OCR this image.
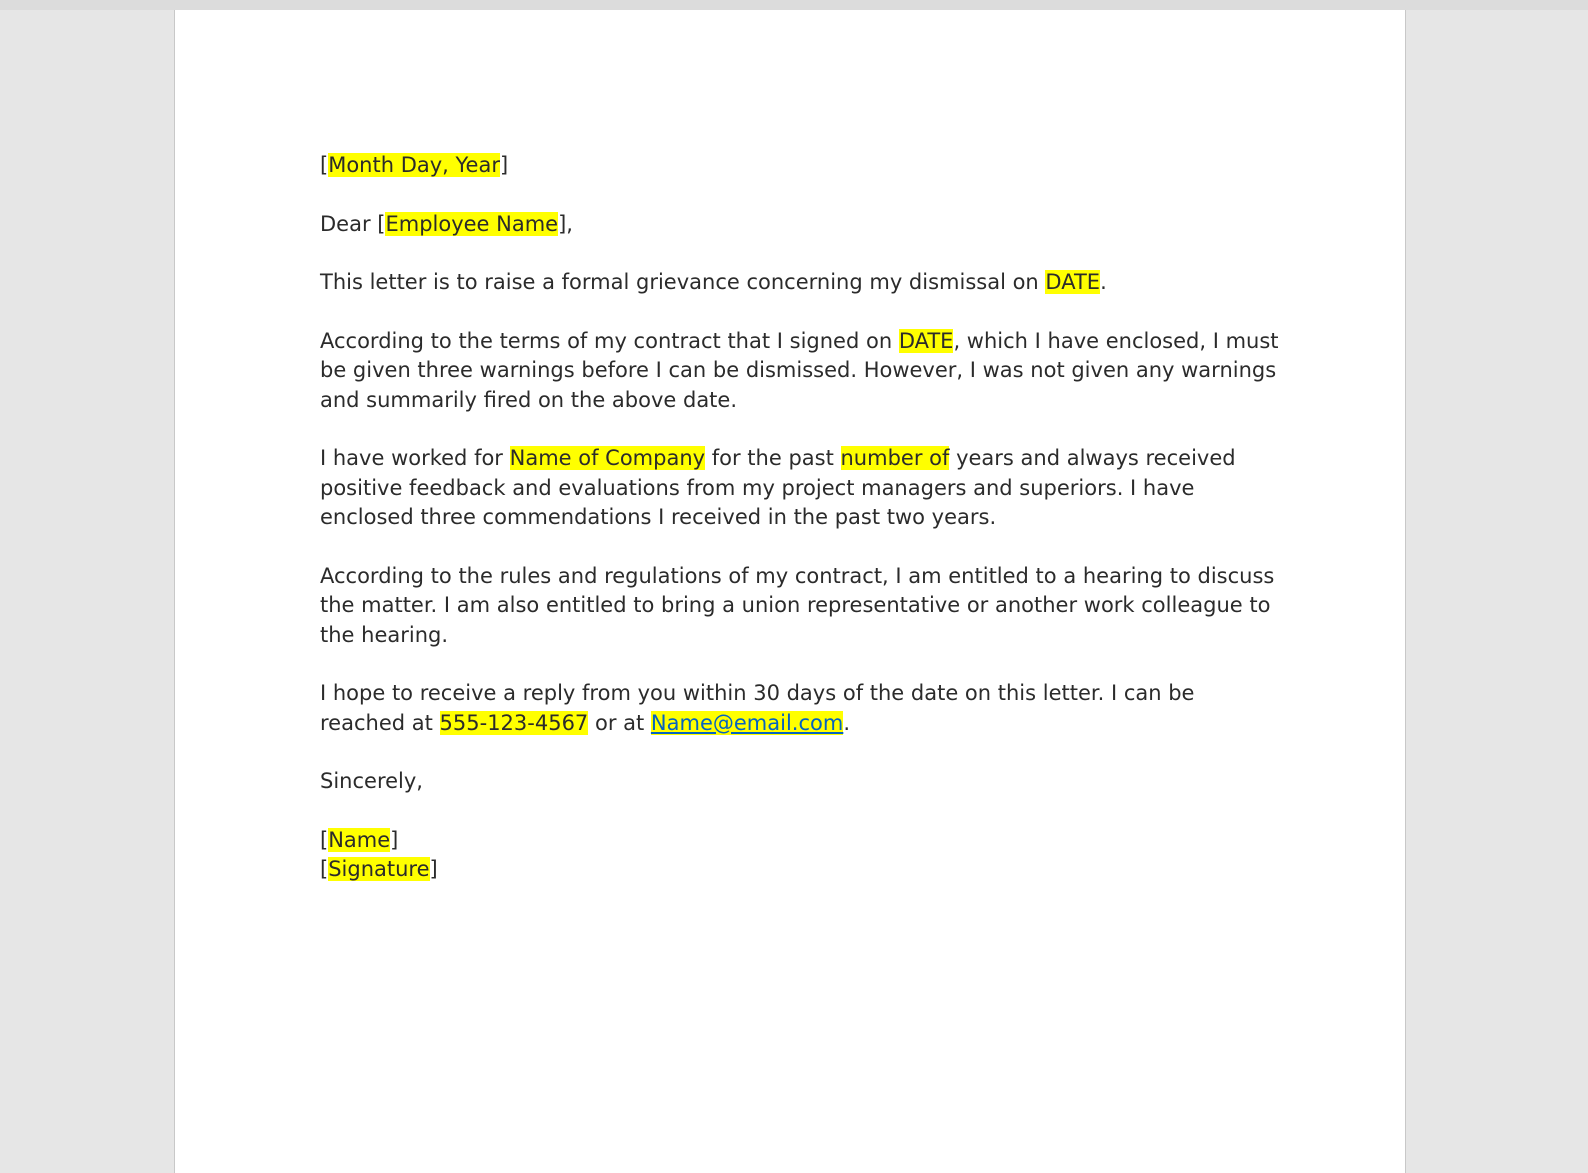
[Month Day, Year]

Dear [Employee Name],

This letter is to raise a formal grievance concerning my dismissal on DATE.

According to the terms of my contract that I signed on DATE, which I have enclosed, I must be given three warnings before I can be dismissed. However, I was not given any warnings and summarily fired on the above date.

I have worked for Name of Company for the past number of years and always received positive feedback and evaluations from my project managers and superiors. I have enclosed three commendations I received in the past two years.

According to the rules and regulations of my contract, I am entitled to a hearing to discuss the matter. I am also entitled to bring a union representative or another work colleague to the hearing.

I hope to receive a reply from you within 30 days of the date on this letter. I can be reached at 555-123-4567 or at Name@email.com.

Sincerely,

[Name]

[Signature]
